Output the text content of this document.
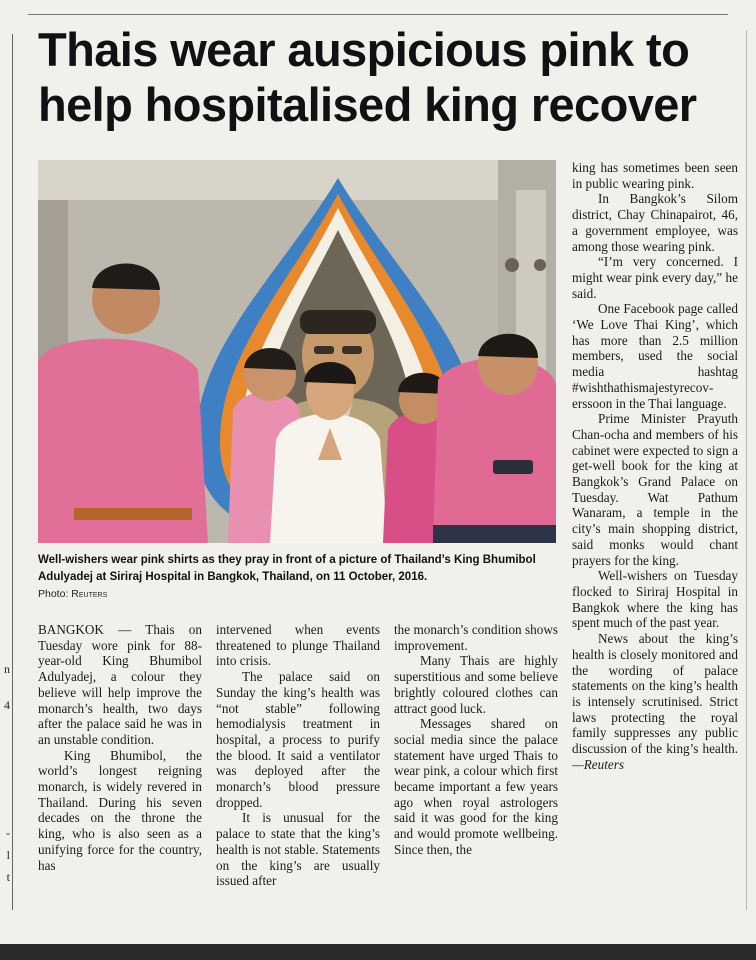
n
4
-
l
t
Thais wear auspicious pink to
help hospitalised king recover

Well-wishers wear pink shirts as they pray in front of a picture of Thailand’s King Bhumibol Adulyadej at Siriraj Hospital in Bangkok, Thailand, on 11 October, 2016.

Photo: Reuters

BANGKOK — Thais on Tuesday wore pink for 88-year-old King Bhumibol Adulyadej, a colour they believe will help improve the monarch’s health, two days after the palace said he was in an unstable condition.

King Bhumibol, the world’s longest reigning monarch, is widely revered in Thailand. During his seven decades on the throne the king, who is also seen as a unifying force for the country, has

intervened when events threatened to plunge Thailand into crisis.

The palace said on Sunday the king’s health was “not stable” following hemodialysis treatment in hospital, a process to purify the blood. It said a ventilator was deployed after the monarch’s blood pressure dropped.

It is unusual for the palace to state that the king’s health is not stable. Statements on the king’s are usually issued after

the monarch’s condition shows improvement.

Many Thais are highly superstitious and some believe brightly coloured clothes can attract good luck.

Messages shared on social media since the palace statement have urged Thais to wear pink, a colour which first became important a few years ago when royal astrologers said it was good for the king and would promote wellbeing. Since then, the

king has sometimes been seen in public wearing pink.

In Bangkok’s Silom district, Chay Chinapairot, 46, a government employee, was among those wearing pink.

“I’m very concerned. I might wear pink every day,” he said.

One Facebook page called ‘We Love Thai King’, which has more than 2.5 million members, used the social media hashtag #wishthathismajestyrecoverssoon in the Thai language.

Prime Minister Prayuth Chan-ocha and members of his cabinet were expected to sign a get-well book for the king at Bangkok’s Grand Palace on Tuesday. Wat Pathum Wanaram, a temple in the city’s main shopping district, said monks would chant prayers for the king.

Well-wishers on Tuesday flocked to Siriraj Hospital in Bangkok where the king has spent much of the past year.

News about the king’s health is closely monitored and the wording of palace statements on the king’s health is intensely scrutinised. Strict laws protecting the royal family suppresses any public discussion of the king’s health.—Reuters
